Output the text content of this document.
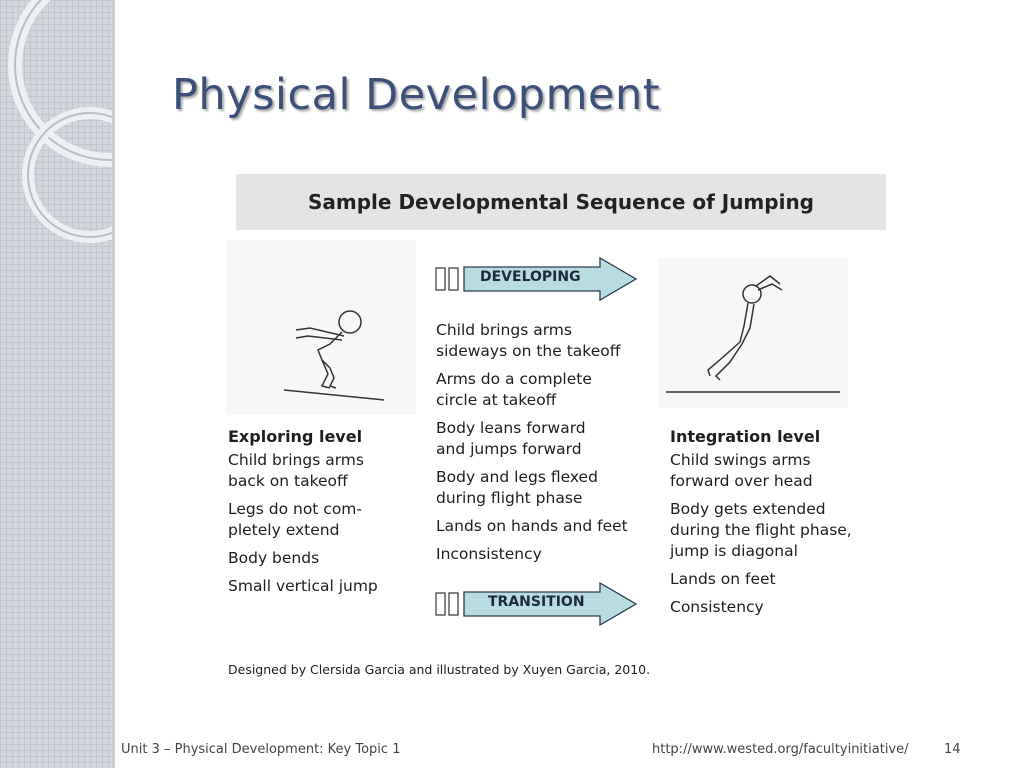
Physical Development
Sample Developmental Sequence of Jumping
DEVELOPING
TRANSITION
Exploring level
Child brings arms back on takeoff
Legs do not com-pletely extend
Body bends
Small vertical jump
Child brings arms sideways on the takeoff
Arms do a complete circle at takeoff
Body leans forward and jumps forward
Body and legs flexed during flight phase
Lands on hands and feet
Inconsistency
Integration level
Child swings arms forward over head
Body gets extended during the flight phase, jump is diagonal
Lands on feet
Consistency
Designed by Clersida Garcia and illustrated by Xuyen Garcia, 2010.
Unit 3 – Physical Development: Key Topic 1	http://www.wested.org/facultyinitiative/	14
